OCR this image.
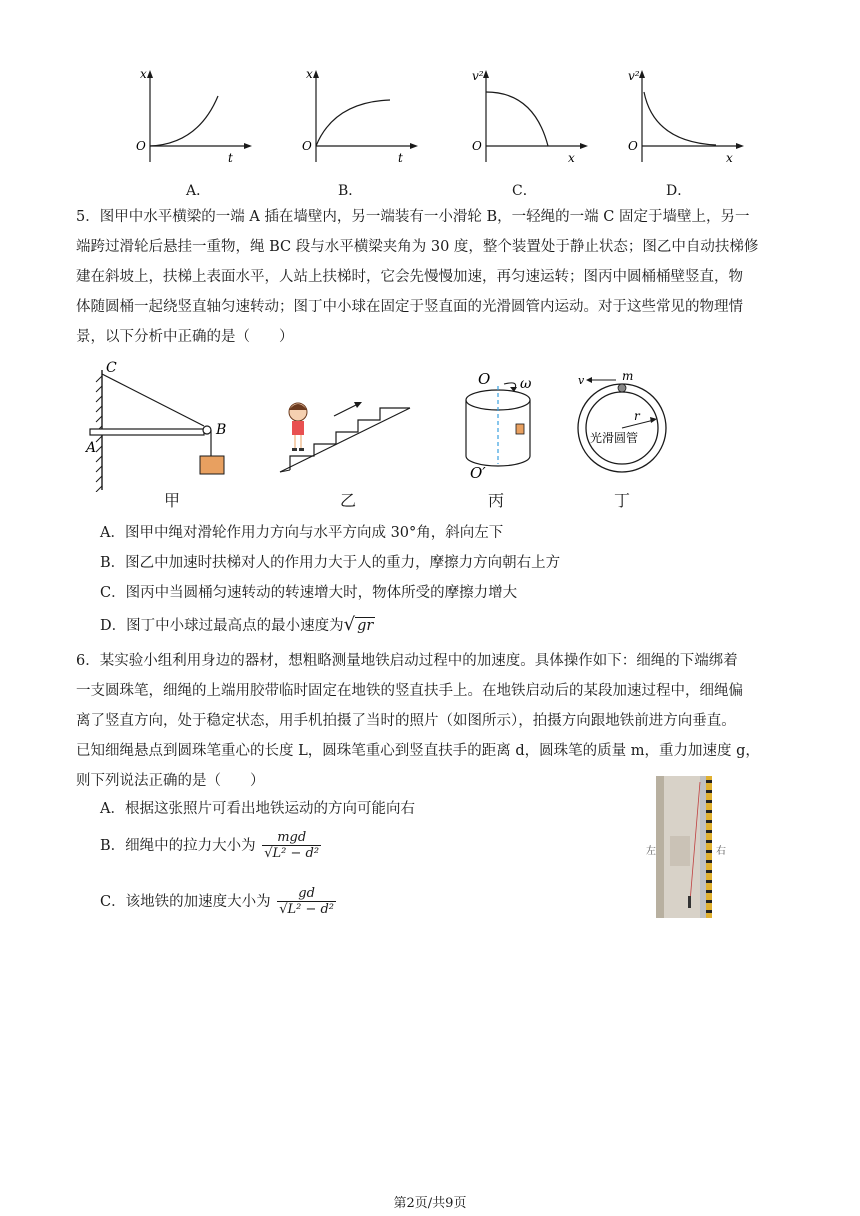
x
O
t
A．
x
O
t
B．
v²
O
x
C．
v²
O
x
D．
5．图甲中水平横梁的一端 A 插在墙壁内，另一端装有一小滑轮 B，一轻绳的一端 C 固定于墙壁上，另一
端跨过滑轮后悬挂一重物，绳 BC 段与水平横梁夹角为 30 度，整个装置处于静止状态；图乙中自动扶梯修
建在斜坡上，扶梯上表面水平，人站上扶梯时，它会先慢慢加速，再匀速运转；图丙中圆桶桶壁竖直，物
体随圆桶一起绕竖直轴匀速转动；图丁中小球在固定于竖直面的光滑圆管内运动。对于这些常见的物理情
景，以下分析中正确的是（　　）
C
A
B
甲	乙
O ω
O′
丙
v	m
r
光滑圆管
丁
A．图甲中绳对滑轮作用力方向与水平方向成 30°角，斜向左下
B．图乙中加速时扶梯对人的作用力大于人的重力，摩擦力方向朝右上方
C．图丙中当圆桶匀速转动的转速增大时，物体所受的摩擦力增大
D．图丁中小球过最高点的最小速度为√ gr
6．某实验小组利用身边的器材，想粗略测量地铁启动过程中的加速度。具体操作如下：细绳的下端绑着
一支圆珠笔，细绳的上端用胶带临时固定在地铁的竖直扶手上。在地铁启动后的某段加速过程中，细绳偏
离了竖直方向，处于稳定状态，用手机拍摄了当时的照片（如图所示），拍摄方向跟地铁前进方向垂直。
已知细绳悬点到圆珠笔重心的长度 L，圆珠笔重心到竖直扶手的距离 d，圆珠笔的质量 m，重力加速度 g，
则下列说法正确的是（　　）
左	右
A．根据这张照片可看出地铁运动的方向可能向右
B．细绳中的拉力大小为 $\frac{\text{mgd}}{\text{√L² − d²}}$
C．该地铁的加速度大小为 $\frac{gd}{\text{√L² − d²}}$
第2页/共9页
